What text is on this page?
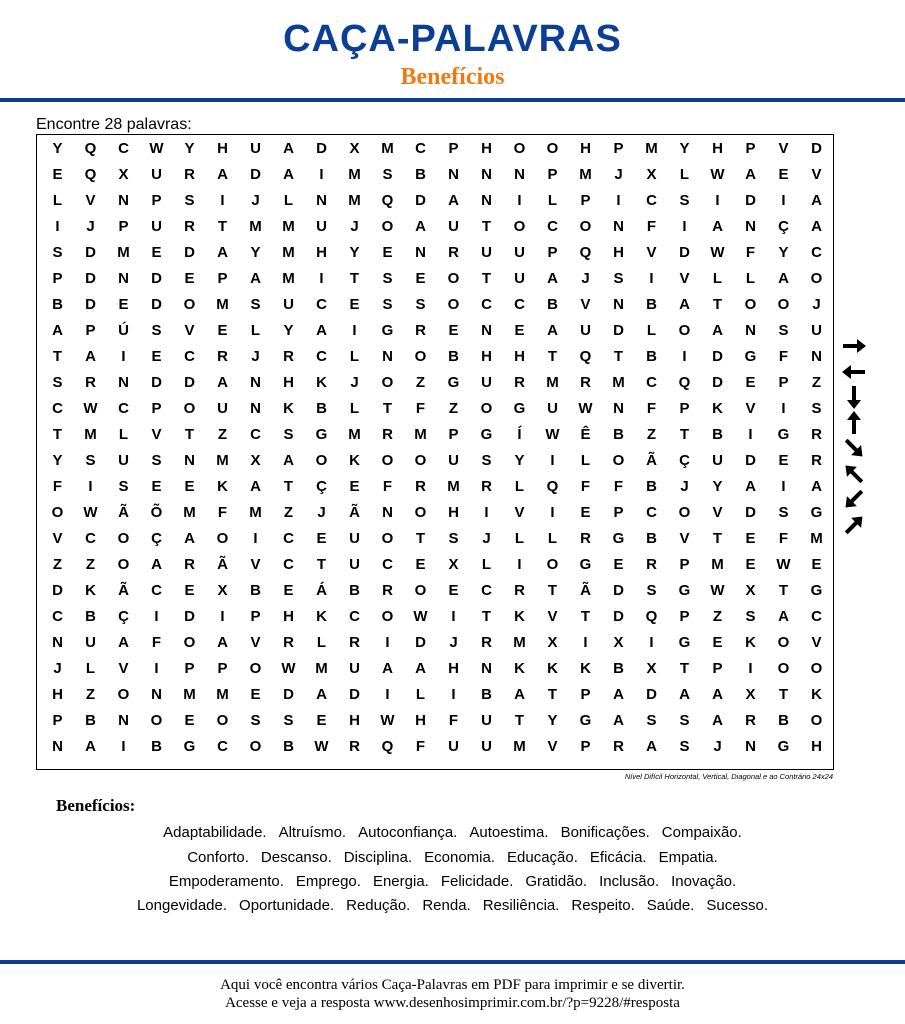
CAÇA-PALAVRAS
Benefícios
Encontre 28 palavras:
Y	Q	C	W	Y	H	U	A	D	X	M	C	P	H	O	O	H	P	M	Y	H	P	V	D
E	Q	X	U	R	A	D	A	I	M	S	B	N	N	N	P	M	J	X	L	W	A	E	V
L	V	N	P	S	I	J	L	N	M	Q	D	A	N	I	L	P	I	C	S	I	D	I	A
I	J	P	U	R	T	M	M	U	J	O	A	U	T	O	C	O	N	F	I	A	N	Ç	A
S	D	M	E	D	A	Y	M	H	Y	E	N	R	U	U	P	Q	H	V	D	W	F	Y	C
P	D	N	D	E	P	A	M	I	T	S	E	O	T	U	A	J	S	I	V	L	L	A	O
B	D	E	D	O	M	S	U	C	E	S	S	O	C	C	B	V	N	B	A	T	O	O	J
A	P	Ú	S	V	E	L	Y	A	I	G	R	E	N	E	A	U	D	L	O	A	N	S	U
T	A	I	E	C	R	J	R	C	L	N	O	B	H	H	T	Q	T	B	I	D	G	F	N
S	R	N	D	D	A	N	H	K	J	O	Z	G	U	R	M	R	M	C	Q	D	E	P	Z
C	W	C	P	O	U	N	K	B	L	T	F	Z	O	G	U	W	N	F	P	K	V	I	S
T	M	L	V	T	Z	C	S	G	M	R	M	P	G	Í	W	Ê	B	Z	T	B	I	G	R
Y	S	U	S	N	M	X	A	O	K	O	O	U	S	Y	I	L	O	Ã	Ç	U	D	E	R
F	I	S	E	E	K	A	T	Ç	E	F	R	M	R	L	Q	F	F	B	J	Y	A	I	A
O	W	Ã	Õ	M	F	M	Z	J	Ã	N	O	H	I	V	I	E	P	C	O	V	D	S	G
V	C	O	Ç	A	O	I	C	E	U	O	T	S	J	L	L	R	G	B	V	T	E	F	M
Z	Z	O	A	R	Ã	V	C	T	U	C	E	X	L	I	O	G	E	R	P	M	E	W	E
D	K	Ã	C	E	X	B	E	Á	B	R	O	E	C	R	T	Ã	D	S	G	W	X	T	G
C	B	Ç	I	D	I	P	H	K	C	O	W	I	T	K	V	T	D	Q	P	Z	S	A	C
N	U	A	F	O	A	V	R	L	R	I	D	J	R	M	X	I	X	I	G	E	K	O	V
J	L	V	I	P	P	O	W	M	U	A	A	H	N	K	K	K	B	X	T	P	I	O	O
H	Z	O	N	M	M	E	D	A	D	I	L	I	B	A	T	P	A	D	A	A	X	T	K
P	B	N	O	E	O	S	S	E	H	W	H	F	U	T	Y	G	A	S	S	A	R	B	O
N	A	I	B	G	C	O	B	W	R	Q	F	U	U	M	V	P	R	A	S	J	N	G	H
Nível Difícil Horizontal, Vertical, Diagonal e ao Contrário 24x24
Benefícios:
Adaptabilidade. Altruísmo. Autoconfiança. Autoestima. Bonificações. Compaixão.
Conforto. Descanso. Disciplina. Economia. Educação. Eficácia. Empatia.
Empoderamento. Emprego. Energia. Felicidade. Gratidão. Inclusão. Inovação.
Longevidade. Oportunidade. Redução. Renda. Resiliência. Respeito. Saúde. Sucesso.
Aqui você encontra vários Caça-Palavras em PDF para imprimir e se divertir.
Acesse e veja a resposta www.desenhosimprimir.com.br/?p=9228/#resposta
